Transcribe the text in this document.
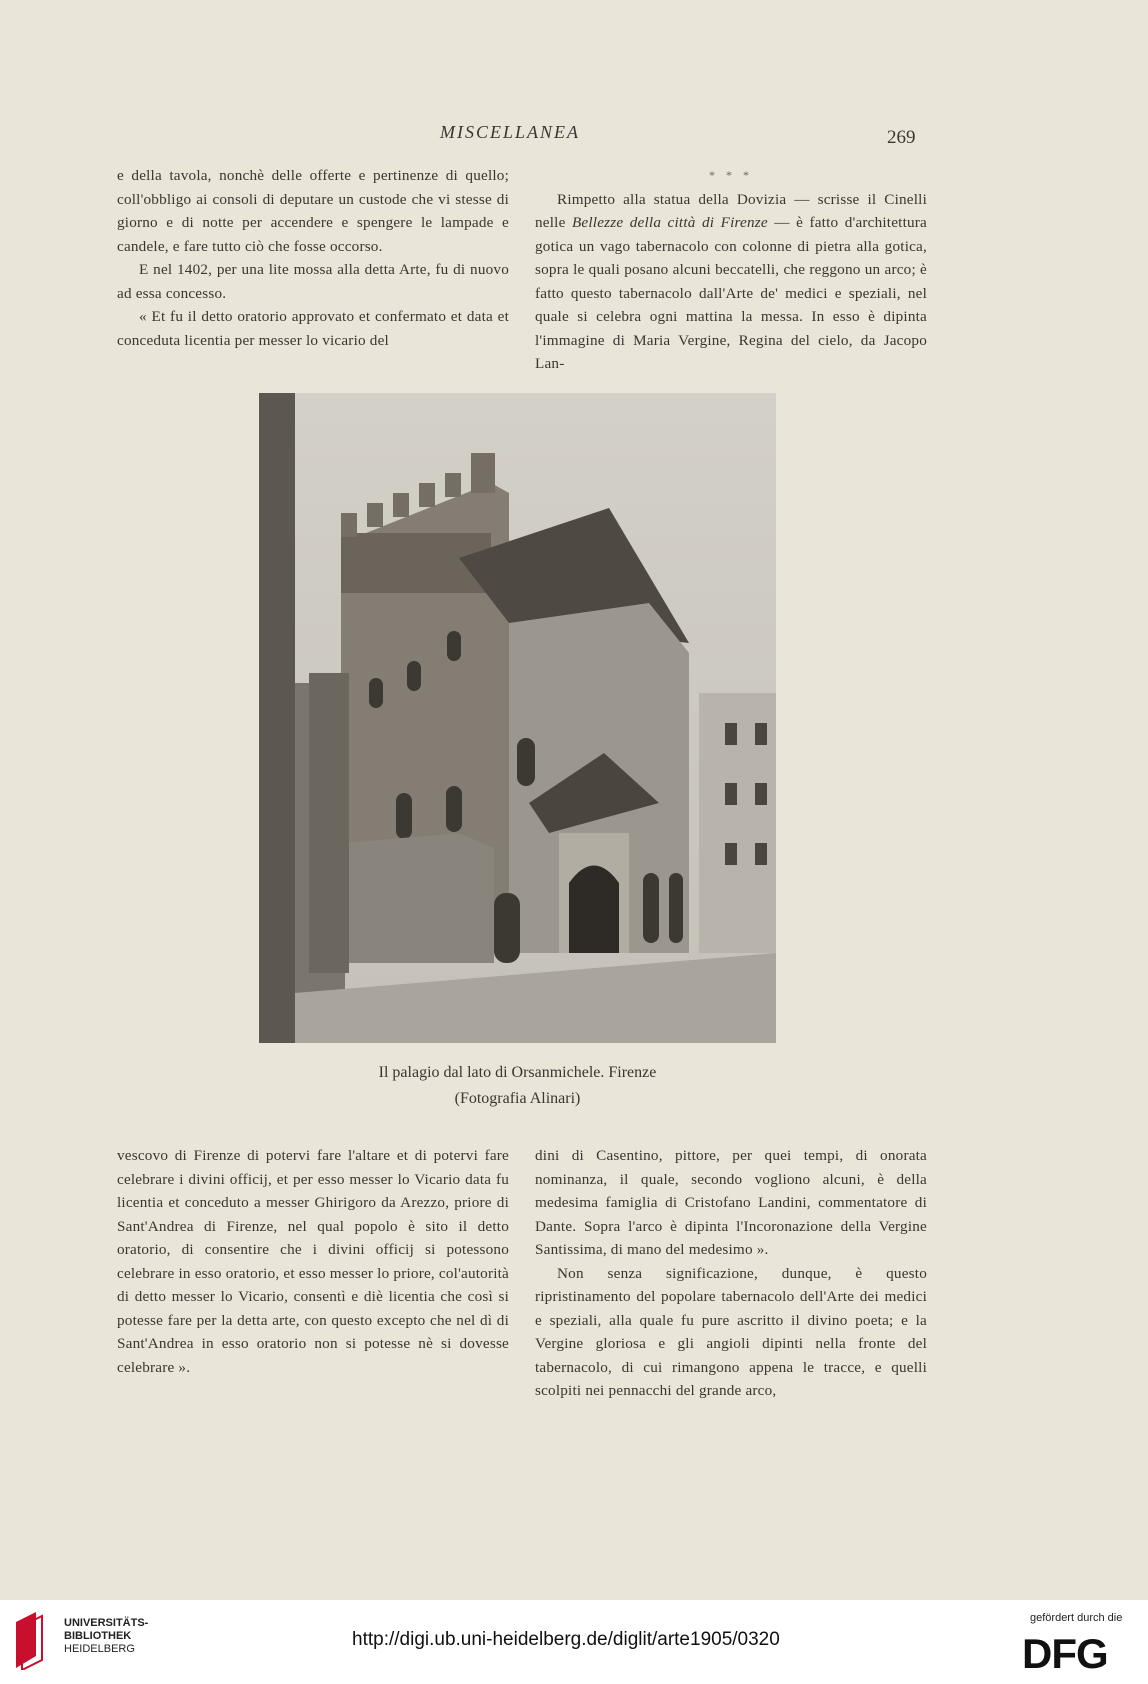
MISCELLANEA	269

e della tavola, nonchè delle offerte e pertinenze di quello; coll'obbligo ai consoli di deputare un custode che vi stesse di giorno e di notte per accendere e spengere le lampade e candele, e fare tutto ciò che fosse occorso.

E nel 1402, per una lite mossa alla detta Arte, fu di nuovo ad essa concesso.

« Et fu il detto oratorio approvato et confermato et data et conceduta licentia per messer lo vicario del

* * *

Rimpetto alla statua della Dovizia — scrisse il Cinelli nelle Bellezze della città di Firenze — è fatto d'architettura gotica un vago tabernacolo con colonne di pietra alla gotica, sopra le quali posano alcuni beccatelli, che reggono un arco; è fatto questo tabernacolo dall'Arte de' medici e speziali, nel quale si celebra ogni mattina la messa. In esso è dipinta l'immagine di Maria Vergine, Regina del cielo, da Jacopo Lan-

Il palagio dal lato di Orsanmichele. Firenze
(Fotografia Alinari)

vescovo di Firenze di potervi fare l'altare et di potervi fare celebrare i divini officij, et per esso messer lo Vicario data fu licentia et conceduto a messer Ghirigoro da Arezzo, priore di Sant'Andrea di Firenze, nel qual popolo è sito il detto oratorio, di consentire che i divini officij si potessono celebrare in esso oratorio, et esso messer lo priore, col'autorità di detto messer lo Vicario, consentì e diè licentia che così si potesse fare per la detta arte, con questo excepto che nel dì di Sant'Andrea in esso oratorio non si potesse nè si dovesse celebrare ».

dini di Casentino, pittore, per quei tempi, di onorata nominanza, il quale, secondo vogliono alcuni, è della medesima famiglia di Cristofano Landini, commentatore di Dante. Sopra l'arco è dipinta l'Incoronazione della Vergine Santissima, di mano del medesimo ».

Non senza significazione, dunque, è questo ripristinamento del popolare tabernacolo dell'Arte dei medici e speziali, alla quale fu pure ascritto il divino poeta; e la Vergine gloriosa e gli angioli dipinti nella fronte del tabernacolo, di cui rimangono appena le tracce, e quelli scolpiti nei pennacchi del grande arco,

UNIVERSITÄTS-
BIBLIOTHEK
HEIDELBERG	http://digi.ub.uni-heidelberg.de/diglit/arte1905/0320
gefördert durch die
DFG
